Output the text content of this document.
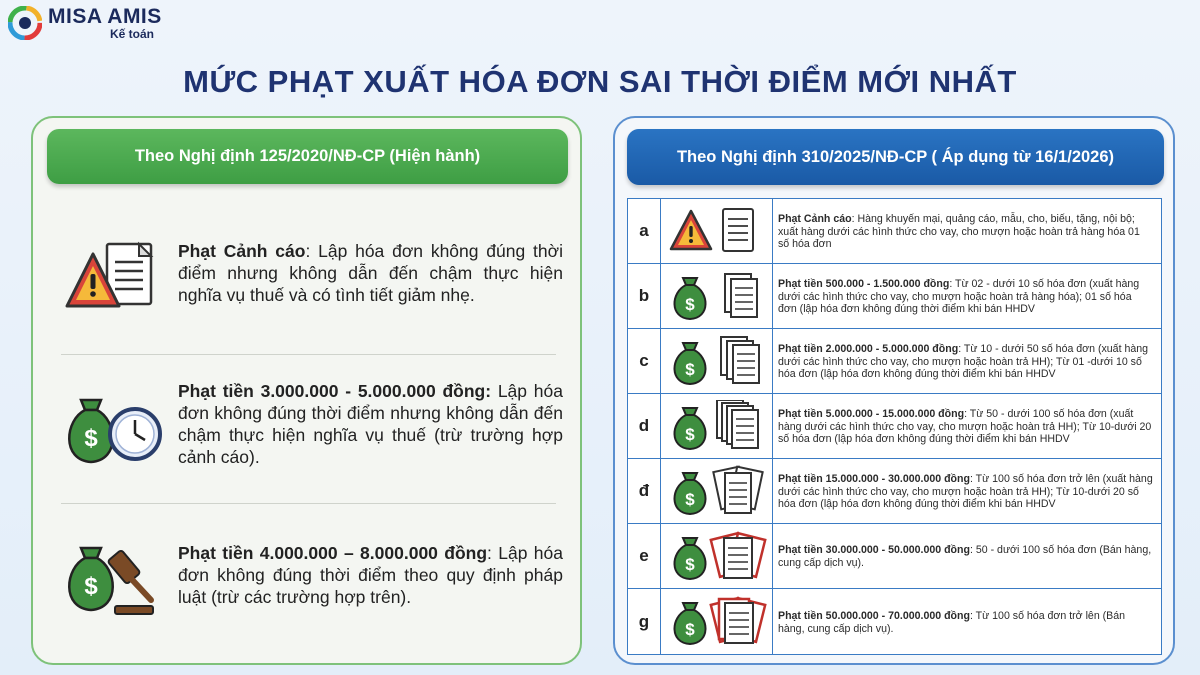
MISA AMIS
Kế toán
MỨC PHẠT XUẤT HÓA ĐƠN SAI THỜI ĐIỂM MỚI NHẤT
Theo Nghị định 125/2020/NĐ-CP (Hiện hành)
Phạt Cảnh cáo: Lập hóa đơn không đúng thời điểm nhưng không dẫn đến chậm thực hiện nghĩa vụ thuế và có tình tiết giảm nhẹ.
$
Phạt tiền 3.000.000 - 5.000.000 đồng: Lập hóa đơn không đúng thời điểm nhưng không dẫn đến chậm thực hiện nghĩa vụ thuế (trừ trường hợp cảnh cáo).
$
Phạt tiền 4.000.000 – 8.000.000 đồng: Lập hóa đơn không đúng thời điểm theo quy định pháp luật (trừ các trường hợp trên).
Theo Nghị định 310/2025/NĐ-CP ( Áp dụng từ 16/1/2026)
a

Phạt Cảnh cáo: Hàng khuyến mại, quảng cáo, mẫu, cho, biếu, tặng, nội bộ; xuất hàng dưới các hình thức cho vay, cho mượn hoặc hoàn trả hàng hóa 01 số hóa đơn

b	$

Phạt tiền 500.000 - 1.500.000 đồng: Từ 02 - dưới 10 số hóa đơn (xuất hàng dưới các hình thức cho vay, cho mượn hoặc hoàn trả hàng hóa); 01 số hóa đơn (lập hóa đơn không đúng thời điểm khi bán HHDV

c	$

Phạt tiền 2.000.000 - 5.000.000 đồng: Từ 10 - dưới 50 số hóa đơn (xuất hàng dưới các hình thức cho vay, cho mượn hoặc hoàn trả HH); Từ 01 -dưới 10 số hóa đơn (lập hóa đơn không đúng thời điểm khi bán HHDV

d	$

Phạt tiền 5.000.000 - 15.000.000 đồng: Từ 50 - dưới 100 số hóa đơn (xuất hàng dưới các hình thức cho vay, cho mượn hoặc hoàn trả HH); Từ 10-dưới 20 số hóa đơn (lập hóa đơn không đúng thời điểm khi bán HHDV

đ	$

Phạt tiền 15.000.000 - 30.000.000 đồng: Từ 100 số hóa đơn trở lên (xuất hàng dưới các hình thức cho vay, cho mượn hoặc hoàn trả HH); Từ 10-dưới 20 số hóa đơn (lập hóa đơn không đúng thời điểm khi bán HHDV

e	$

Phạt tiền 30.000.000 - 50.000.000 đồng: 50 - dưới 100 số hóa đơn (Bán hàng, cung cấp dịch vụ).

g	$

Phạt tiền 50.000.000 - 70.000.000 đồng: Từ 100 số hóa đơn trở lên (Bán hàng, cung cấp dịch vụ).
